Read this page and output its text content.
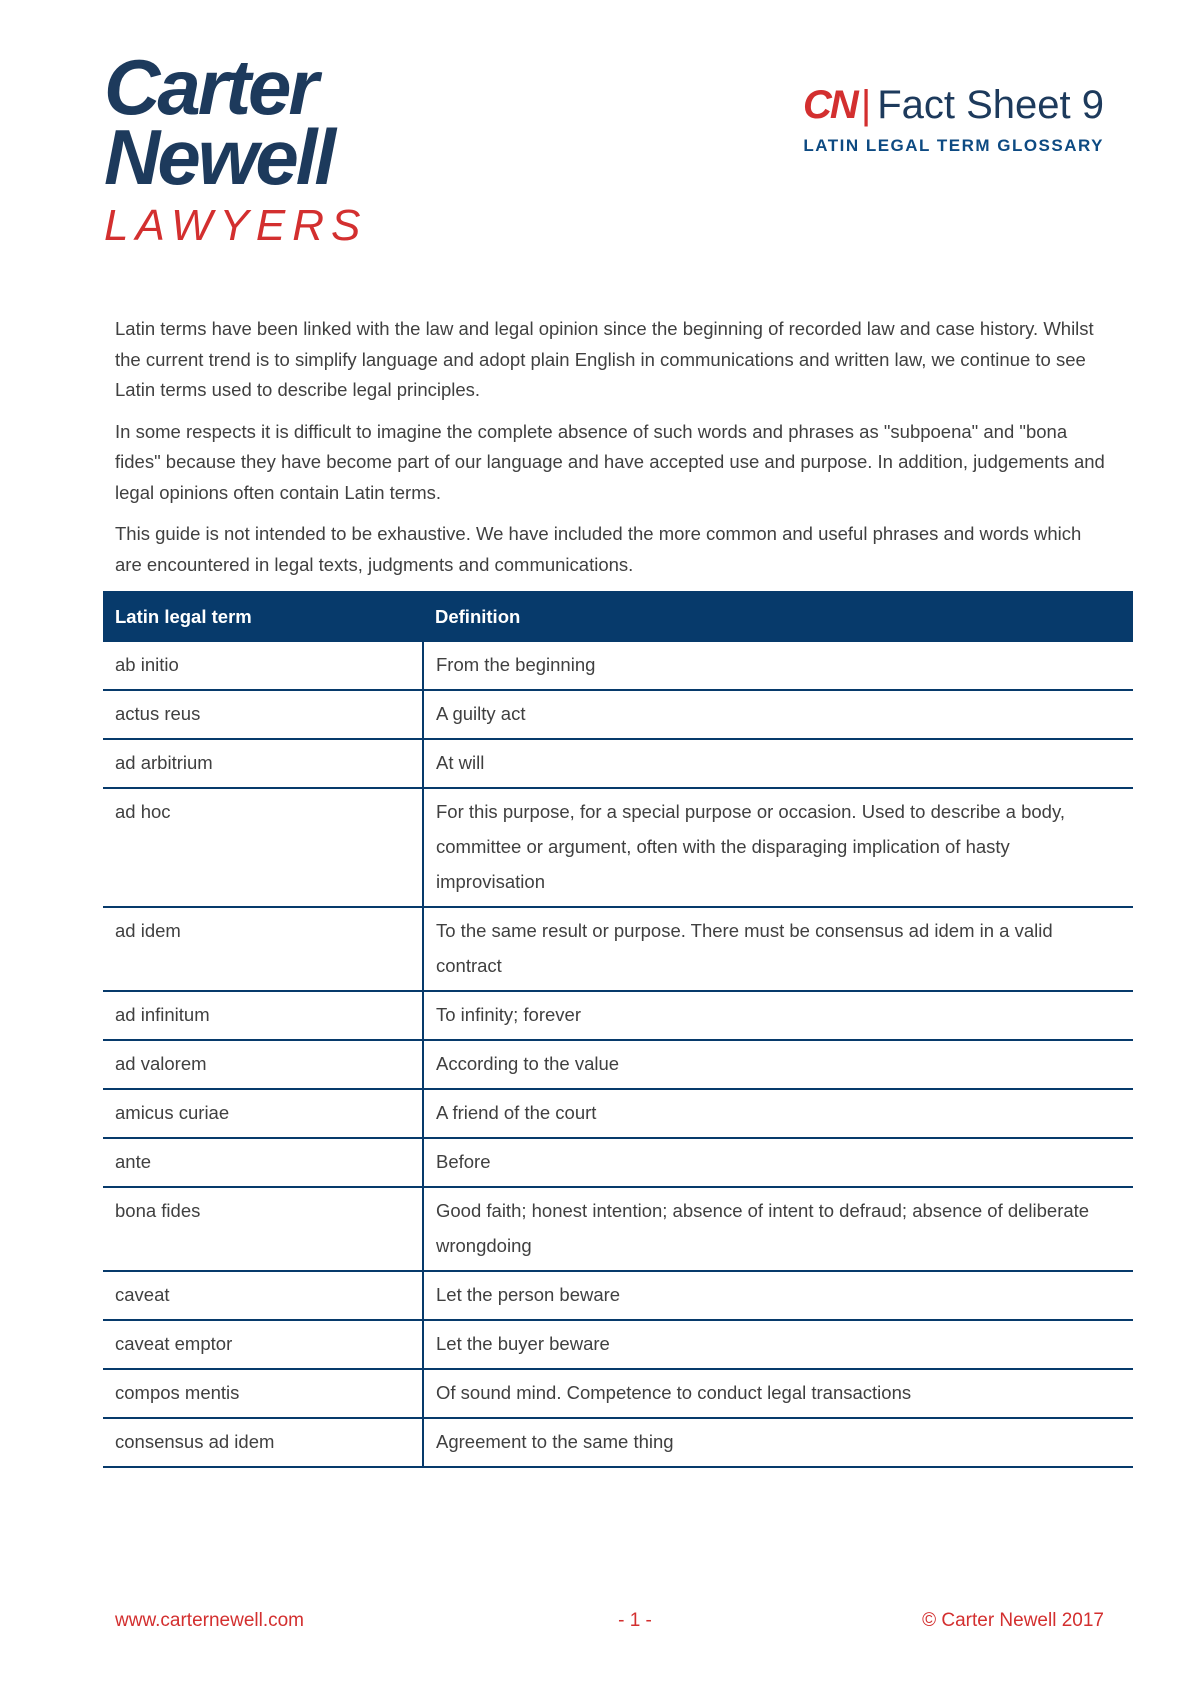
Carter
Newell
LAWYERS
CN | Fact Sheet 9
LATIN LEGAL TERM GLOSSARY

Latin terms have been linked with the law and legal opinion since the beginning of recorded law and case history. Whilst the current trend is to simplify language and adopt plain English in communications and written law, we continue to see Latin terms used to describe legal principles.

In some respects it is difficult to imagine the complete absence of such words and phrases as "subpoena" and "bona fides" because they have become part of our language and have accepted use and purpose. In addition, judgements and legal opinions often contain Latin terms.

This guide is not intended to be exhaustive. We have included the more common and useful phrases and words which are encountered in legal texts, judgments and communications.

Latin legal term	Definition
ab initio	From the beginning
actus reus	A guilty act
ad arbitrium	At will
ad hoc	For this purpose, for a special purpose or occasion. Used to describe a body, committee or argument, often with the disparaging implication of hasty improvisation
ad idem	To the same result or purpose. There must be consensus ad idem in a valid contract
ad infinitum	To infinity; forever
ad valorem	According to the value
amicus curiae	A friend of the court
ante	Before
bona fides	Good faith; honest intention; absence of intent to defraud; absence of deliberate wrongdoing
caveat	Let the person beware
caveat emptor	Let the buyer beware
compos mentis	Of sound mind. Competence to conduct legal transactions
consensus ad idem	Agreement to the same thing
www.carternewell.com	- 1 -	© Carter Newell 2017
